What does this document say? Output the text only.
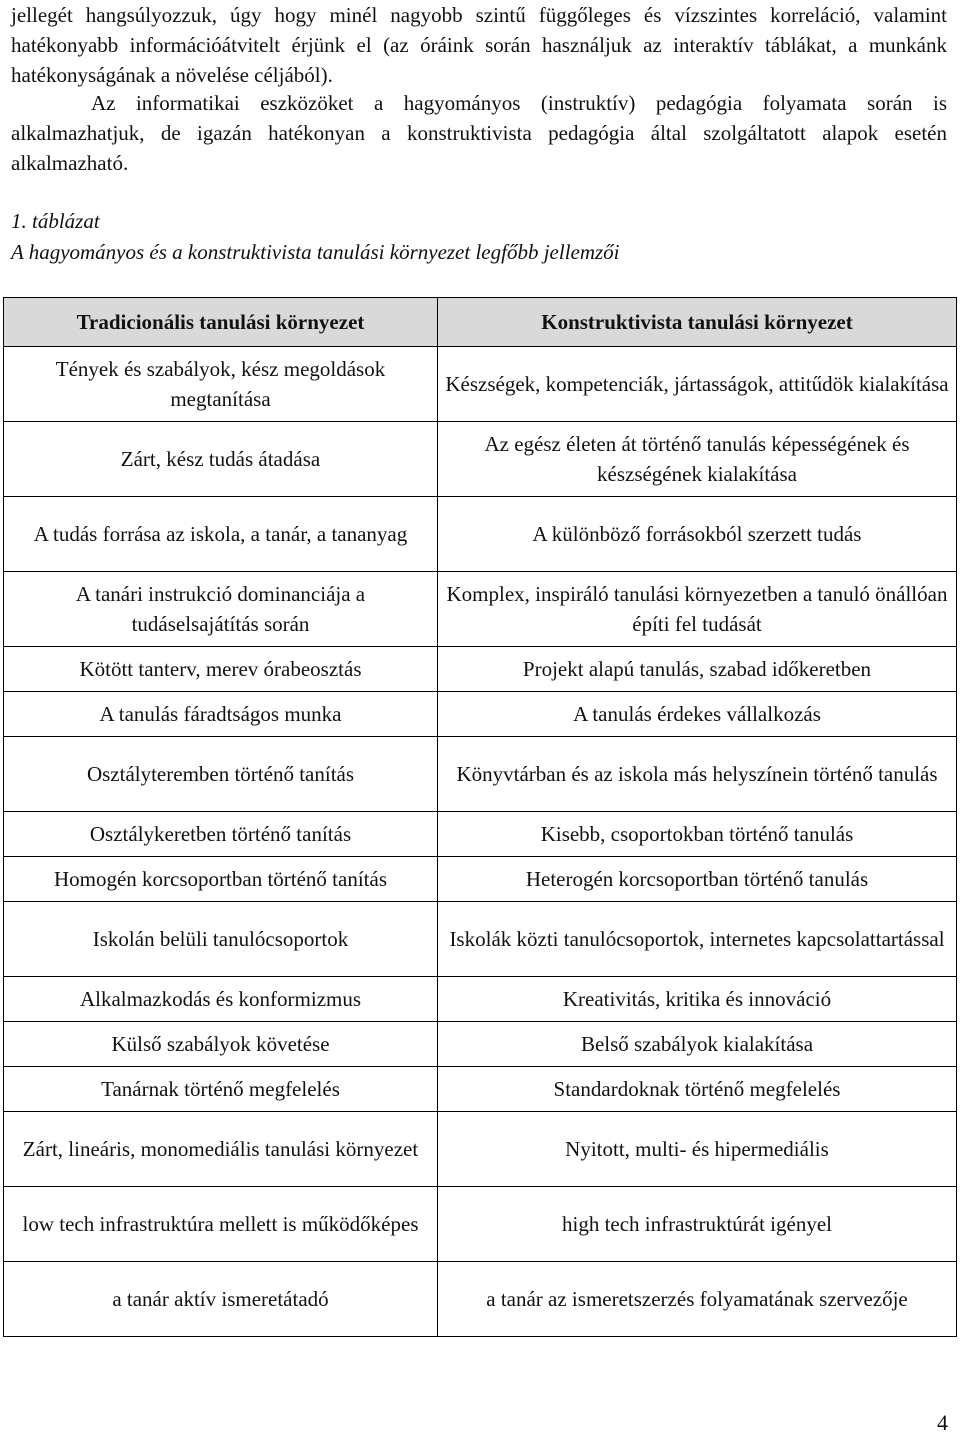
jellegét hangsúlyozzuk, úgy hogy minél nagyobb szintű függőleges és vízszintes korreláció, valamint hatékonyabb információátvitelt érjünk el (az óráink során használjuk az interaktív táblákat, a munkánk hatékonyságának a növelése céljából).

Az informatikai eszközöket a hagyományos (instruktív) pedagógia folyamata során is alkalmazhatjuk, de igazán hatékonyan a konstruktivista pedagógia által szolgáltatott alapok esetén alkalmazható.

1. táblázat

A hagyományos és a konstruktivista tanulási környezet legfőbb jellemzői

Tradicionális tanulási környezet	Konstruktivista tanulási környezet
Tények és szabályok, kész megoldások megtanítása	Készségek, kompetenciák, jártasságok, attitűdök kialakítása
Zárt, kész tudás átadása	Az egész életen át történő tanulás képességének és készségének kialakítása
A tudás forrása az iskola, a tanár, a tananyag	A különböző forrásokból szerzett tudás
A tanári instrukció dominanciája a tudáselsajátítás során	Komplex, inspiráló tanulási környezetben a tanuló önállóan építi fel tudását
Kötött tanterv, merev órabeosztás	Projekt alapú tanulás, szabad időkeretben
A tanulás fáradtságos munka	A tanulás érdekes vállalkozás
Osztályteremben történő tanítás	Könyvtárban és az iskola más helyszínein történő tanulás
Osztálykeretben történő tanítás	Kisebb, csoportokban történő tanulás
Homogén korcsoportban történő tanítás	Heterogén korcsoportban történő tanulás
Iskolán belüli tanulócsoportok	Iskolák közti tanulócsoportok, internetes kapcsolattartással
Alkalmazkodás és konformizmus	Kreativitás, kritika és innováció
Külső szabályok követése	Belső szabályok kialakítása
Tanárnak történő megfelelés	Standardoknak történő megfelelés
Zárt, lineáris, monomediális tanulási környezet	Nyitott, multi- és hipermediális
low tech infrastruktúra mellett is működőképes	high tech infrastruktúrát igényel
a tanár aktív ismeretátadó	a tanár az ismeretszerzés folyamatának szervezője
4
